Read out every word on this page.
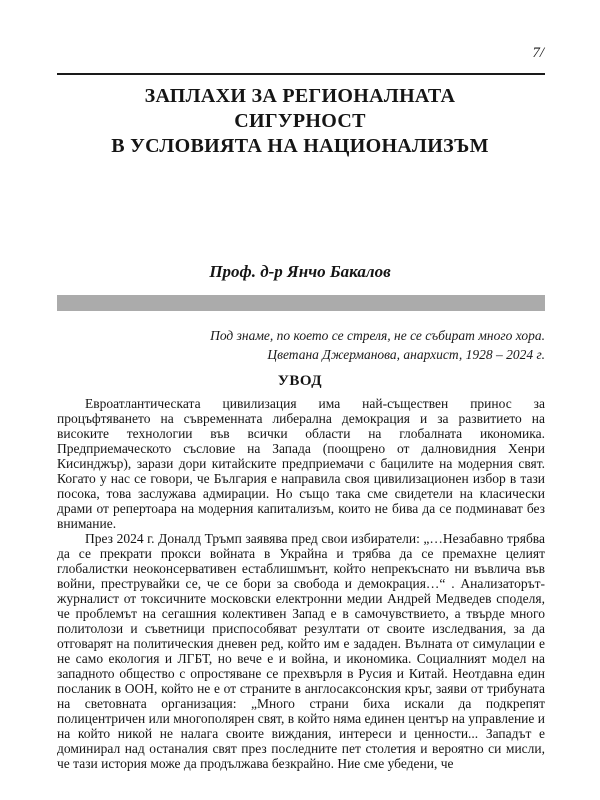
7/
ЗАПЛАХИ ЗА РЕГИОНАЛНАТА
СИГУРНОСТ
В УСЛОВИЯТА НА НАЦИОНАЛИЗЪМ
Проф. д-р Янчо Бакалов
Под знаме, по което се стреля, не се събират много хора.
Цветана Джерманова, анархист, 1928 – 2024 г.
УВОД

Евроатлантическата цивилизация има най-съществен принос за процъфтяването на съвременната либерална демокрация и за развитието на високите технологии във всички области на глобалната икономика. Предприемаческото съсловие на Запада (поощрено от далновидния Хенри Кисинджър), зарази дори китайските предприемачи с бацилите на модерния свят. Когато у нас се говори, че България е направила своя цивилизационен избор в тази посока, това заслужава адмирации. Но също така сме свидетели на класически драми от репертоара на модерния капитализъм, които не бива да се подминават без внимание.

През 2024 г. Доналд Тръмп заявява пред свои избиратели: „…Незабавно трябва да се прекрати прокси войната в Украйна и трябва да се премахне целият глобалистки неоконсервативен естаблишмънт, който непрекъснато ни въвлича във войни, преструвайки се, че се бори за свобода и демокрация…“ . Анализаторът-журналист от токсичните московски електронни медии Андрей Медведев споделя, че проблемът на сегашния колективен Запад е в самочувствието, а твърде много политолози и съветници приспособяват резултати от своите изследвания, за да отговарят на политическия дневен ред, който им е зададен. Вълната от симулации е не само екология и ЛГБТ, но вече е и война, и икономика. Социалният модел на западното общество с опростяване се прехвърля в Русия и Китай. Неотдавна един посланик в ООН, който не е от страните в англосаксонския кръг, заяви от трибуната на световната организация: „Много страни биха искали да подкрепят полицентричен или многополярен свят, в който няма единен център на управление и на който никой не налага своите виждания, интереси и ценности... Западът е доминирал над останалия свят през последните пет столетия и вероятно си мисли, че тази история може да продължава безкрайно. Ние сме убедени, че
